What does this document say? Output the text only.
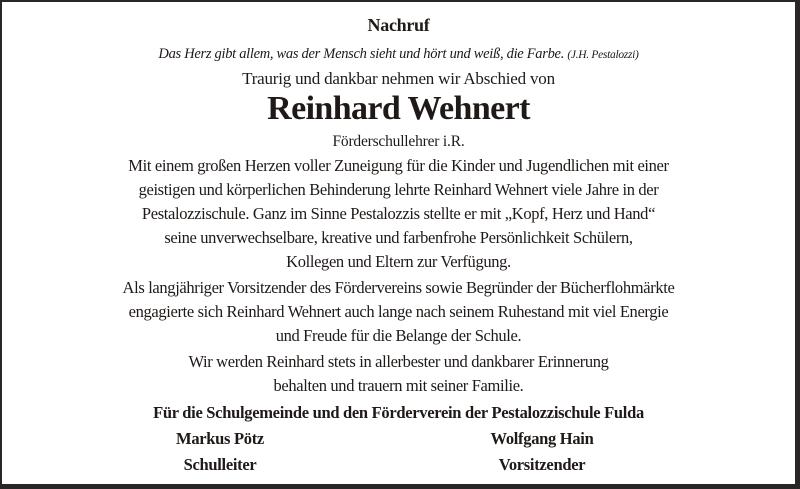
Nachruf
Das Herz gibt allem, was der Mensch sieht und hört und weiß, die Farbe. (J.H. Pestalozzi)
Traurig und dankbar nehmen wir Abschied von
Reinhard Wehnert
Förderschullehrer i.R.
Mit einem großen Herzen voller Zuneigung für die Kinder und Jugendlichen mit einer
geistigen und körperlichen Behinderung lehrte Reinhard Wehnert viele Jahre in der
Pestalozzischule. Ganz im Sinne Pestalozzis stellte er mit „Kopf, Herz und Hand“
seine unverwechselbare, kreative und farbenfrohe Persönlichkeit Schülern,
Kollegen und Eltern zur Verfügung.
Als langjähriger Vorsitzender des Fördervereins sowie Begründer der Bücherflohmärkte
engagierte sich Reinhard Wehnert auch lange nach seinem Ruhestand mit viel Energie
und Freude für die Belange der Schule.
Wir werden Reinhard stets in allerbester und dankbarer Erinnerung
behalten und trauern mit seiner Familie.
Für die Schulgemeinde und den Förderverein der Pestalozzischule Fulda
Markus Pötz
Schulleiter
Wolfgang Hain
Vorsitzender
